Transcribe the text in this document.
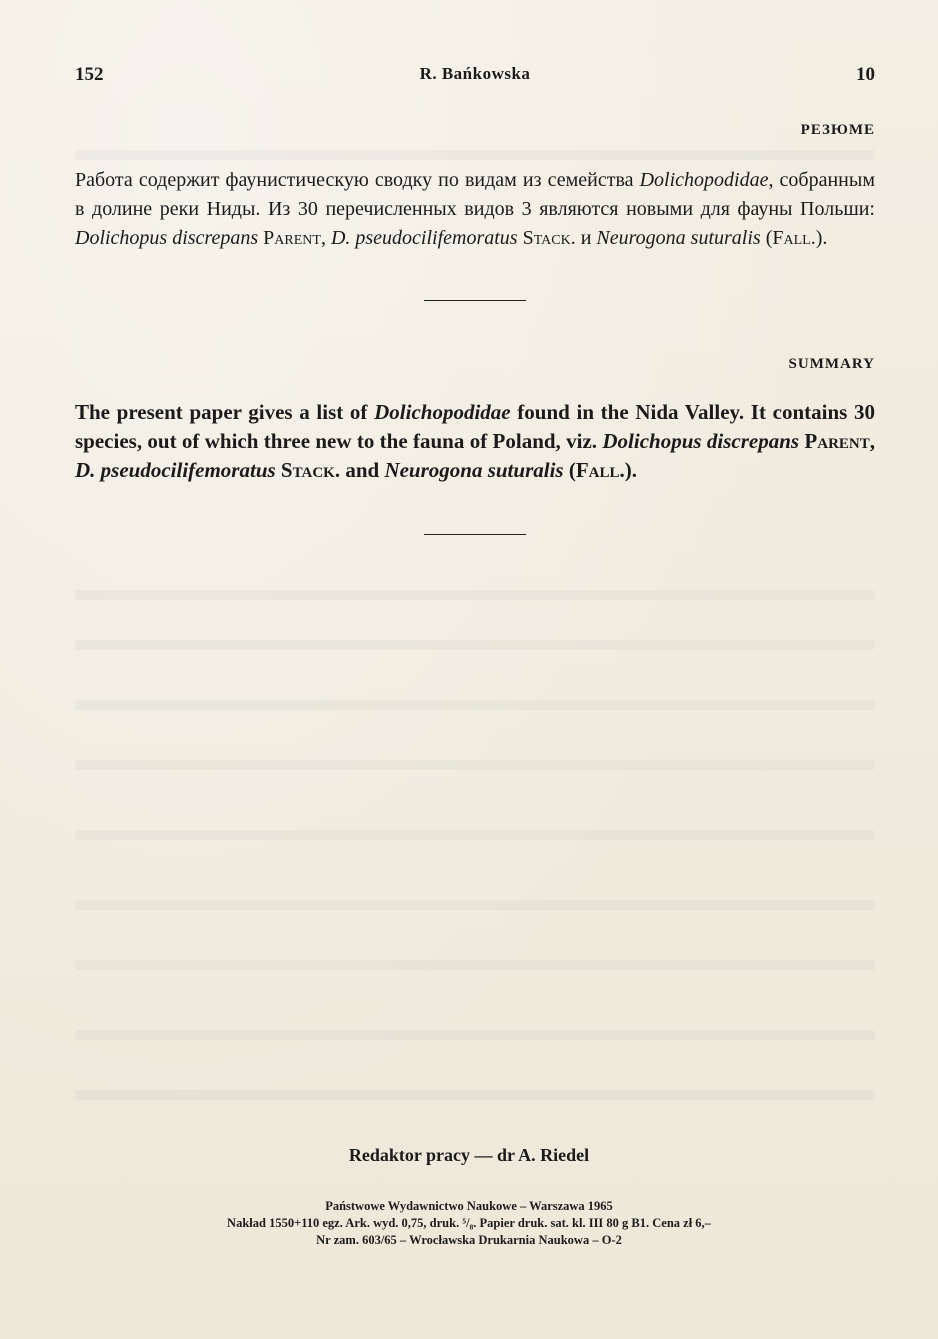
152	R. Bańkowska	10
РЕЗЮМЕ

Работа содержит фаунистическую сводку по видам из семейства Dolichopodidae, собранным в долине реки Ниды. Из 30 перечисленных видов 3 являются новыми для фауны Польши: Dolichopus discrepans Parent, D. pseudocilifemoratus Stack. и Neurogona suturalis (Fall.).

SUMMARY

The present paper gives a list of Dolichopodidae found in the Nida Valley. It contains 30 species, out of which three new to the fauna of Poland, viz. Dolichopus discrepans Parent, D. pseudocilifemoratus Stack. and Neurogona suturalis (Fall.).

Redaktor pracy — dr A. Riedel
Państwowe Wydawnictwo Naukowe – Warszawa 1965
Nakład 1550+110 egz. Ark. wyd. 0,75, druk. ⁵/₈. Papier druk. sat. kl. III 80 g B1. Cena zł 6,–
Nr zam. 603/65 – Wrocławska Drukarnia Naukowa – O-2
